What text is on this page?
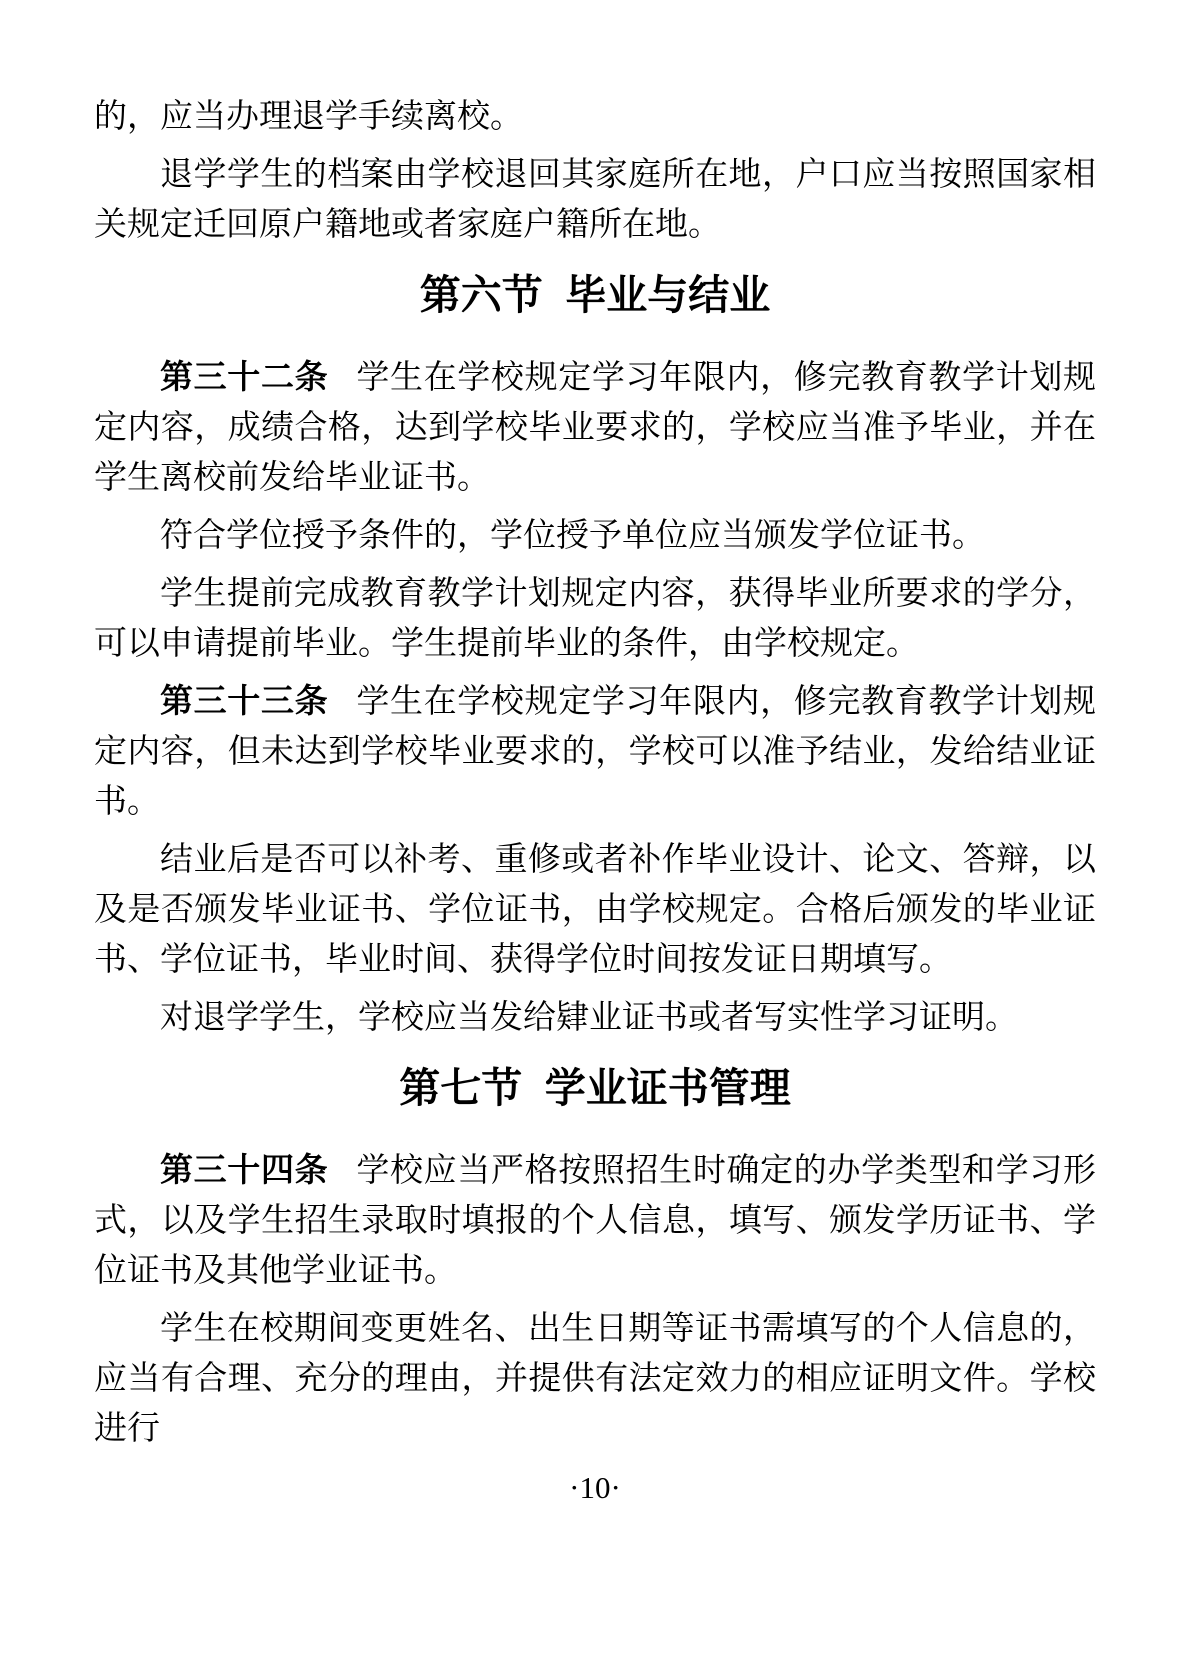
的，应当办理退学手续离校。

退学学生的档案由学校退回其家庭所在地，户口应当按照国家相关规定迁回原户籍地或者家庭户籍所在地。

第六节 毕业与结业

第三十二条 学生在学校规定学习年限内，修完教育教学计划规定内容，成绩合格，达到学校毕业要求的，学校应当准予毕业，并在学生离校前发给毕业证书。

符合学位授予条件的，学位授予单位应当颁发学位证书。

学生提前完成教育教学计划规定内容，获得毕业所要求的学分，可以申请提前毕业。学生提前毕业的条件，由学校规定。

第三十三条 学生在学校规定学习年限内，修完教育教学计划规定内容，但未达到学校毕业要求的，学校可以准予结业，发给结业证书。

结业后是否可以补考、重修或者补作毕业设计、论文、答辩，以及是否颁发毕业证书、学位证书，由学校规定。合格后颁发的毕业证书、学位证书，毕业时间、获得学位时间按发证日期填写。

对退学学生，学校应当发给肄业证书或者写实性学习证明。

第七节 学业证书管理

第三十四条 学校应当严格按照招生时确定的办学类型和学习形式，以及学生招生录取时填报的个人信息，填写、颁发学历证书、学位证书及其他学业证书。

学生在校期间变更姓名、出生日期等证书需填写的个人信息的，应当有合理、充分的理由，并提供有法定效力的相应证明文件。学校进行

·10·
